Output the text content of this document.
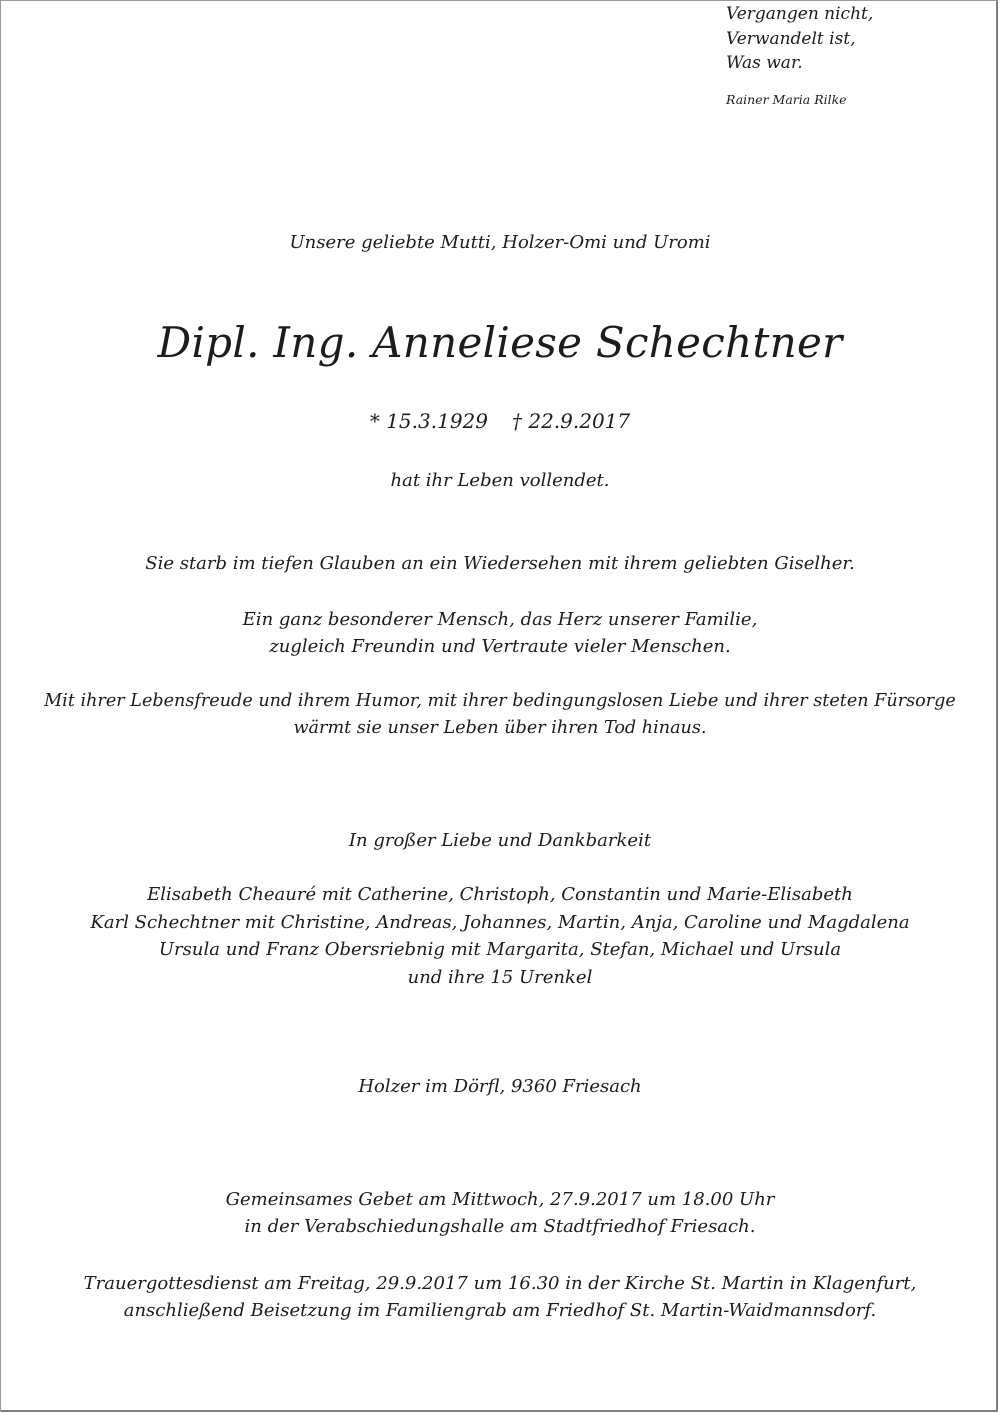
Vergangen nicht,
Verwandelt ist,
Was war.
Rainer Maria Rilke
Unsere geliebte Mutti, Holzer-Omi und Uromi
Dipl. Ing. Anneliese Schechtner
* 15.3.1929 † 22.9.2017
hat ihr Leben vollendet.
Sie starb im tiefen Glauben an ein Wiedersehen mit ihrem geliebten Giselher.
Ein ganz besonderer Mensch, das Herz unserer Familie,
zugleich Freundin und Vertraute vieler Menschen.
Mit ihrer Lebensfreude und ihrem Humor, mit ihrer bedingungslosen Liebe und ihrer steten Fürsorge
wärmt sie unser Leben über ihren Tod hinaus.
In großer Liebe und Dankbarkeit
Elisabeth Cheauré mit Catherine, Christoph, Constantin und Marie-Elisabeth
Karl Schechtner mit Christine, Andreas, Johannes, Martin, Anja, Caroline und Magdalena
Ursula und Franz Obersriebnig mit Margarita, Stefan, Michael und Ursula
und ihre 15 Urenkel
Holzer im Dörfl, 9360 Friesach
Gemeinsames Gebet am Mittwoch, 27.9.2017 um 18.00 Uhr
in der Verabschiedungshalle am Stadtfriedhof Friesach.
Trauergottesdienst am Freitag, 29.9.2017 um 16.30 in der Kirche St. Martin in Klagenfurt,
anschließend Beisetzung im Familiengrab am Friedhof St. Martin-Waidmannsdorf.
